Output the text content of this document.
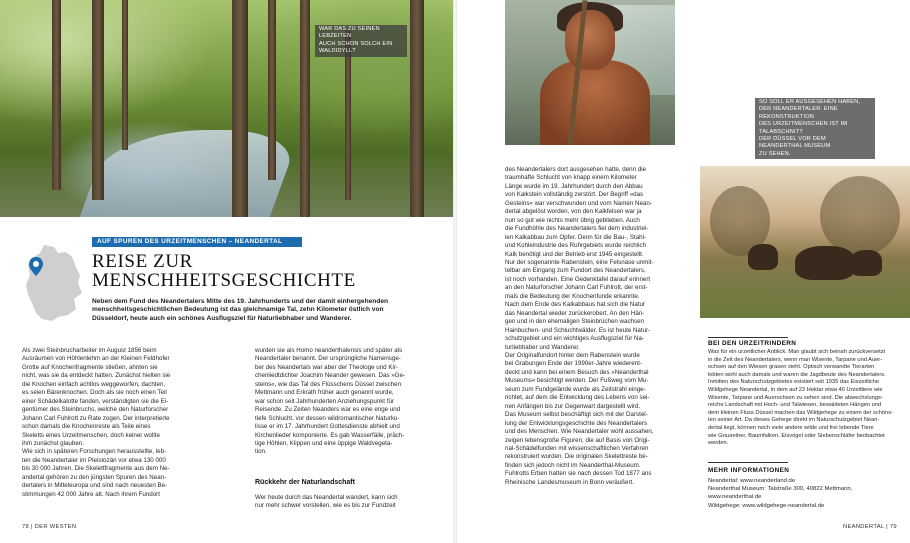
WAR DAS ZU SEINEN LEBZEITEN

AUCH SCHON SOLCH EIN WALDIDYLL?

AUF SPUREN DES URZEITMENSCHEN – NEANDERTAL
REISE ZUR
MENSCHHEITSGESCHICHTE

Neben dem Fund des Neandertalers Mitte des 19. Jahrhunderts und der damit einhergehenden

menschheitsgeschichtlichen Bedeutung ist das gleichnamige Tal, zehn Kilometer östlich von

Düsseldorf, heute auch ein schönes Ausflugsziel für Naturliebhaber und Wanderer.

Als zwei Steinbrucharbeiter im August 1856 beim

Ausräumen von Höhlenlehm an der Kleinen Feldhofer

Grotte auf Knochenfragmente stießen, ahnten sie

nicht, was sie da entdeckt hatten. Zunächst hielten sie

die Knochen einfach achtlos weggeworfen, dachten,

es seien Bärenknochen. Doch als sie noch einen Teil

einer Schädelkalotte fanden, verständigten sie die Ei-

gentümer des Steinbruchs, welche den Naturforscher

Johann Carl Fuhlrott zu Rate zogen. Der interpretierte

schon damals die Knochenreste als Teile eines

Skeletts eines Urzeitmenschen, doch keiner wollte

ihm zunächst glauben.

Wie sich in späteren Forschungen herausstellte, leb-

ten die Neandertaler im Pleistozän vor etwa 130 000

bis 30 000 Jahren. Die Skelettfragmente aus dem Ne-

andertal gehören zu den jüngsten Spuren des Nean-

dertalers in Mitteleuropa und sind nach neuesten Be-

stimmungen 42 000 Jahre alt. Nach ihrem Fundort

wurden sie als Homo neanderthalensis und später als

Neandertaler benannt. Der ursprüngliche Namensge-

ber des Neandertals war aber der Theologe und Kir-

chenliedtdichter Joachim Neander gewesen. Das »Ge-

steins«, wie das Tal des Flüsschens Düssel zwischen

Mettmann und Erkrath früher auch genannt wurde,

war schon seit Jahrhunderten Anziehungspunkt für

Reisende. Zu Zeiten Neanders war es eine enge und

tiefe Schlucht, vor dessen wildromantischer Naturku-

lisse er im 17. Jahrhundert Gottesdienste abhielt und

Kirchenlieder komponierte. Es gab Wasserfälle, präch-

tige Höhlen, Klippen und eine üppige Waldvegeta-

tion.

Rückkehr der Naturlandschaft

Wer heute durch das Neandertal wandert, kann sich

nur mehr schwer vorstellen, wie es bis zur Fundzeit

78 | DER WESTEN

SO SOLL ER AUSGESEHEN HABEN,

DER NEANDERTALER. EINE REKONSTRUKTION

DES URZEITMENSCHEN IST IM TALABSCHNITT

DER DÜSSEL VOR DEM NEANDERTHAL MUSEUM

ZU SEHEN.

des Neandertalers dort ausgesehen hatte, denn die

traumhafte Schlucht von knapp einem Kilometer

Länge wurde im 19. Jahrhundert durch den Abbau

von Kalkstein vollständig zerstört. Der Begriff »das

Gesteins« war verschwunden und vom Namen Nean-

dertal abgelöst worden, von den Kalkfelsen war ja

nun so gut wie nichts mehr übrig geblieben. Auch

die Fundhöhle des Neandertalers fiel dem industriel-

len Kalkabbau zum Opfer. Denn für die Bau-, Stahl-

und Kohleindustrie des Ruhrgebiets wurde reichlich

Kalk benötigt und der Betrieb erst 1945 eingestellt.

Nur der sogenannte Rabenstein, eine Felsnase unmit-

telbar am Eingang zum Fundort des Neandertalers,

ist noch vorhanden. Eine Gedenktafel darauf erinnert

an den Naturforscher Johann Carl Fuhlrott, der erst-

mals die Bedeutung der Knochenfunde erkannte.

Nach dem Ende des Kalkabbaus hat sich die Natur

das Neandertal wieder zurückerobert. An den Hän-

gen und in den ehemaligen Steinbrüchen wachsen

Hainbuchen- und Schluchtwälder. Es ist heute Natur-

schutzgebiet und ein wichtiges Ausflugsziel für Na-

turliebhaber und Wanderer.

Der Originalfundort hinter dem Rabenstein wurde

bei Grabungen Ende der 1990er-Jahre wiederent-

deckt und kann bei einem Besuch des »Neanderthal

Museums« besichtigt werden. Der Fußweg vom Mu-

seum zum Fundgelände wurde als Zeitstrahl einge-

richtet, auf dem die Entwicklung des Lebens von sei-

nen Anfängen bis zur Gegenwart dargestellt wird.

Das Museum selbst beschäftigt sich mit der Darstel-

lung der Entwicklungsgeschichte des Neandertalers

und des Menschen. Wie Neandertaler wohl aussahen,

zeigen lebensgroße Figuren, die auf Basis von Origi-

nal-Schädelfunden mit wissenschaftlichen Verfahren

rekonstruiert wurden. Die originalen Skelettreste be-

finden sich jedoch nicht im Neanderthal-Museum.

Fuhlrotts Erben hatten sie nach dessen Tod 1877 ans

Rheinische Landesmuseum in Bonn veräußert.

BEI DEN URZEITRINDERN

Was für ein urzeitlicher Anblick. Man glaubt sich beinah zurückversetzt

in die Zeit des Neandertalers, wenn man Wisente, Tarpane und Auer-

ochsen auf den Wiesen grasen sieht. Optisch verwandte Tierarten

lebten wohl auch damals und waren die Jagdbeute des Neandertalers.

Inmitten des Naturschutzgebietes existiert seit 1935 das Eiszeitliche

Wildgehege Neandertal, in dem auf 23 Hektar etwa 40 Urzeittiere wie

Wisente, Tarpane und Auerochsen zu sehen sind. Die abwechslungs-

reiche Landschaft mit Hoch- und Talwiesen, bewaldeten Hängen und

dem kleinen Fluss Düssel machen das Wildgehege zu einem der schöns-

ten seiner Art. Da dieses Gehege direkt im Naturschutzgebiet Nean-

dertal liegt, können noch viele andere wilde und frei lebende Tiere

wie Graureiher, Baumfalken, Eisvögel oder Siebenschläfer beobachtet

werden.

MEHR INFORMATIONEN

Neandertal: www.neanderland.de

Neanderthal Museum: Talstraße 300, 40822 Mettmann,

www.neanderthal.de

Wildgehege: www.wildgehege-neandertal.de

NEANDERTAL | 79
